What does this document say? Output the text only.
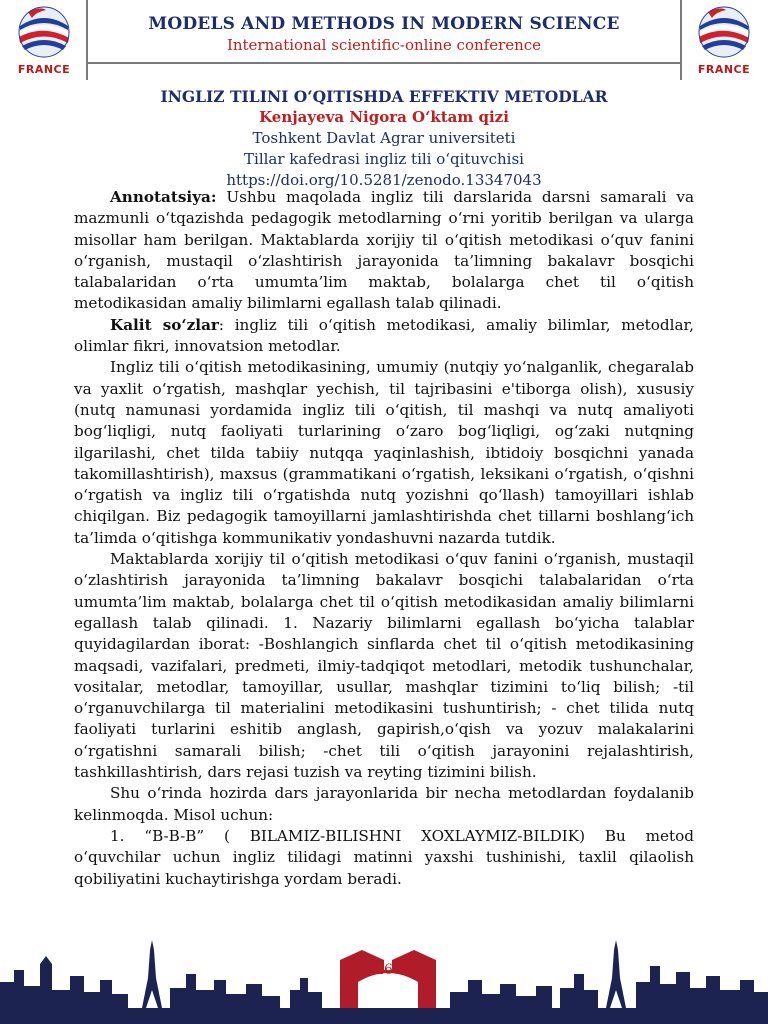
FRANCE
MODELS AND METHODS IN MODERN SCIENCE
International scientific-online conference
FRANCE
INGLIZ TILINI O‘QITISHDA EFFEKTIV METODLAR
Kenjayeva Nigora O‘ktam qizi
Toshkent Davlat Agrar universiteti
Tillar kafedrasi ingliz tili o‘qituvchisi
https://doi.org/10.5281/zenodo.13347043

Annotatsiya: Ushbu maqolada ingliz tili darslarida darsni samarali va mazmunli o‘tqazishda pedagogik metodlarning o‘rni yoritib berilgan va ularga misollar ham berilgan. Maktablarda xorijiy til o‘qitish metodikasi o‘quv fanini o‘rganish, mustaqil o‘zlashtirish jarayonida ta’limning bakalavr bosqichi talabalaridan o‘rta umumta’lim maktab, bolalarga chet til o‘qitish metodikasidan amaliy bilimlarni egallash talab qilinadi.

Kalit so‘zlar: ingliz tili o‘qitish metodikasi, amaliy bilimlar, metodlar, olimlar fikri, innovatsion metodlar.

Ingliz tili o‘qitish metodikasining, umumiy (nutqiy yo‘nalganlik, chegaralab va yaxlit o‘rgatish, mashqlar yechish, til tajribasini e'tiborga olish), xususiy (nutq namunasi yordamida ingliz tili o‘qitish, til mashqi va nutq amaliyoti bog‘liqligi, nutq faoliyati turlarining o‘zaro bog‘liqligi, og‘zaki nutqning ilgarilashi, chet tilda tabiiy nutqqa yaqinlashish, ibtidoiy bosqichni yanada takomillashtirish), maxsus (grammatikani o‘rgatish, leksikani o‘rgatish, o‘qishni o‘rgatish va ingliz tili o‘rgatishda nutq yozishni qo‘llash) tamoyillari ishlab chiqilgan. Biz pedagogik tamoyillarni jamlashtirishda chet tillarni boshlang‘ich ta’limda o‘qitishga kommunikativ yondashuvni nazarda tutdik.

Maktablarda xorijiy til o‘qitish metodikasi o‘quv fanini o‘rganish, mustaqil o‘zlashtirish jarayonida ta’limning bakalavr bosqichi talabalaridan o‘rta umumta’lim maktab, bolalarga chet til o‘qitish metodikasidan amaliy bilimlarni egallash talab qilinadi. 1. Nazariy bilimlarni egallash bo‘yicha talablar quyidagilardan iborat: -Boshlangich sinflarda chet til o‘qitish metodikasining maqsadi, vazifalari, predmeti, ilmiy-tadqiqot metodlari, metodik tushunchalar, vositalar, metodlar, tamoyillar, usullar, mashqlar tizimini to‘liq bilish; -til o‘rganuvchilarga til materialini metodikasini tushuntirish; - chet tilida nutq faoliyati turlarini eshitib anglash, gapirish,o‘qish va yozuv malakalarini o‘rgatishni samarali bilish; -chet tili o‘qitish jarayonini rejalashtirish, tashkillashtirish, dars rejasi tuzish va reyting tizimini bilish.

Shu o‘rinda hozirda dars jarayonlarida bir necha metodlardan foydalanib kelinmoqda. Misol uchun:

1. “B-B-B” ( BILAMIZ-BILISHNI XOXLAYMIZ-BILDIK) Bu metod o‘quvchilar uchun ingliz tilidagi matinni yaxshi tushinishi, taxlil qilaolish qobiliyatini kuchaytirishga yordam beradi.

46
